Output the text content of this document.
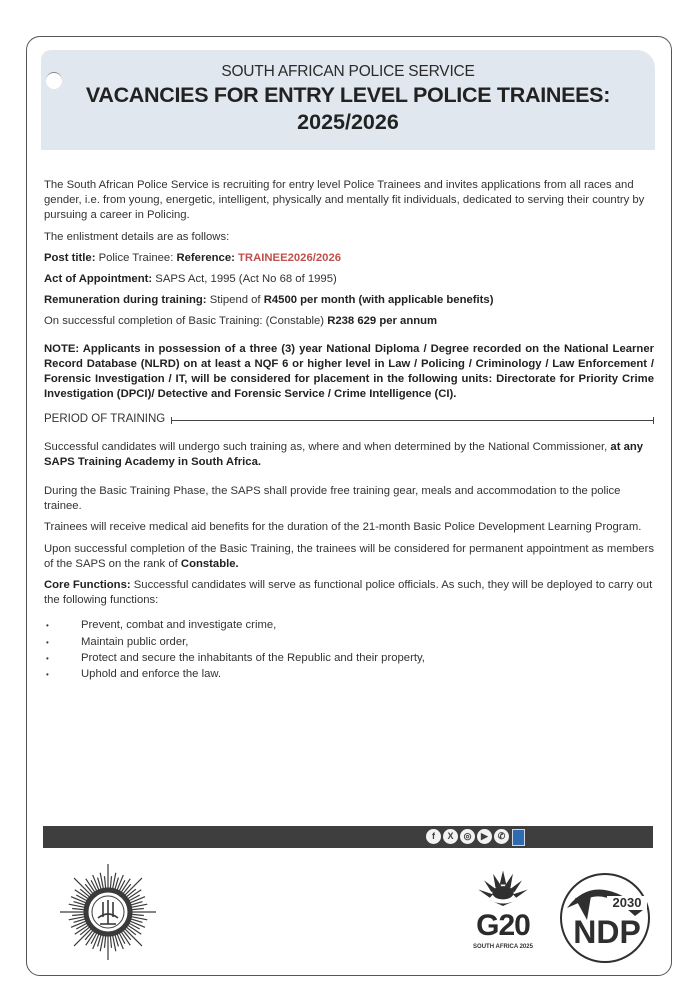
SOUTH AFRICAN POLICE SERVICE
VACANCIES FOR ENTRY LEVEL POLICE TRAINEES:
2025/2026

The South African Police Service is recruiting for entry level Police Trainees and invites applications from all races and gender, i.e. from young, energetic, intelligent, physically and mentally fit individuals, dedicated to serving their country by pursuing a career in Policing.

The enlistment details are as follows:

Post title: Police Trainee: Reference: TRAINEE2026/2026

Act of Appointment: SAPS Act, 1995 (Act No 68 of 1995)

Remuneration during training: Stipend of R4500 per month (with applicable benefits)

On successful completion of Basic Training: (Constable) R238 629 per annum

NOTE: Applicants in possession of a three (3) year National Diploma / Degree recorded on the National Learner Record Database (NLRD) on at least a NQF 6 or higher level in Law / Policing / Criminology / Law Enforcement / Forensic Investigation / IT, will be considered for placement in the following units: Directorate for Priority Crime Investigation (DPCI)/ Detective and Forensic Service / Crime Intelligence (CI).

PERIOD OF TRAINING

Successful candidates will undergo such training as, where and when determined by the National Commissioner, at any SAPS Training Academy in South Africa.

During the Basic Training Phase, the SAPS shall provide free training gear, meals and accommodation to the police trainee.

Trainees will receive medical aid benefits for the duration of the 21-month Basic Police Development Learning Program.

Upon successful completion of the Basic Training, the trainees will be considered for permanent appointment as members of the SAPS on the rank of Constable.

Core Functions: Successful candidates will serve as functional police officials. As such, they will be deployed to carry out the following functions:

• Prevent, combat and investigate crime,
• Maintain public order,
• Protect and secure the inhabitants of the Republic and their property,
• Uphold and enforce the law.
f	X	◎	▶	✆
G20
SOUTH AFRICA 2025
2030
NDP
